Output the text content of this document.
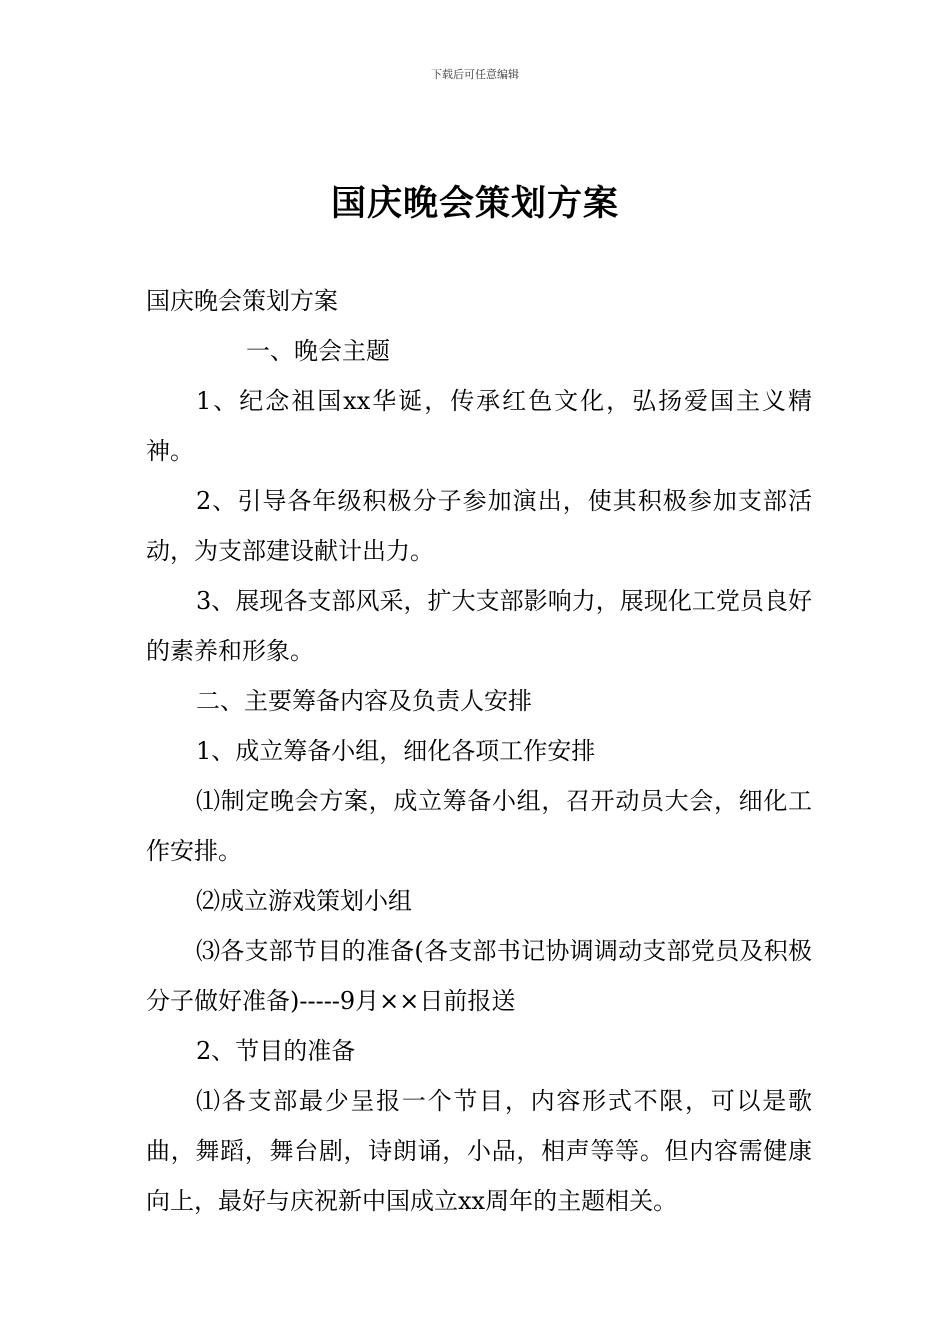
下载后可任意编辑
国庆晚会策划方案

国庆晚会策划方案

一、晚会主题

1、纪念祖国xx华诞，传承红色文化，弘扬爱国主义精神。

2、引导各年级积极分子参加演出，使其积极参加支部活动，为支部建设献计出力。

3、展现各支部风采，扩大支部影响力，展现化工党员良好的素养和形象。

二、主要筹备内容及负责人安排

1、成立筹备小组，细化各项工作安排

⑴制定晚会方案，成立筹备小组，召开动员大会，细化工作安排。

⑵成立游戏策划小组

⑶各支部节目的准备(各支部书记协调调动支部党员及积极分子做好准备)-----9月××日前报送

2、节目的准备

⑴各支部最少呈报一个节目，内容形式不限，可以是歌曲，舞蹈，舞台剧，诗朗诵，小品，相声等等。但内容需健康向上，最好与庆祝新中国成立xx周年的主题相关。
